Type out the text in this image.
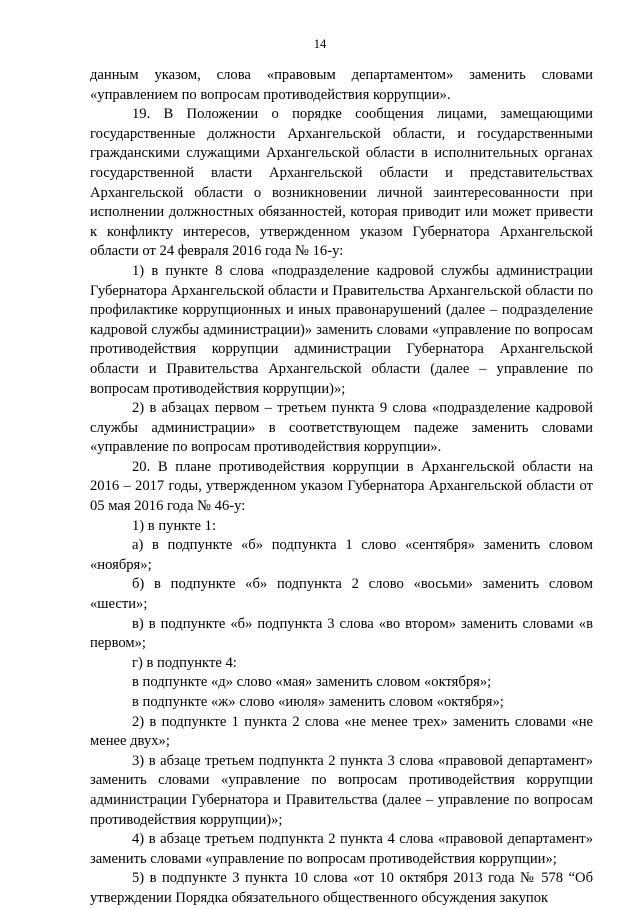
14

данным указом, слова «правовым департаментом» заменить словами «управлением по вопросам противодействия коррупции».

19. В Положении о порядке сообщения лицами, замещающими государственные должности Архангельской области, и государственными гражданскими служащими Архангельской области в исполнительных органах государственной власти Архангельской области и представительствах Архангельской области о возникновении личной заинтересованности при исполнении должностных обязанностей, которая приводит или может привести к конфликту интересов, утвержденном указом Губернатора Архангельской области от 24 февраля 2016 года № 16-у:

1) в пункте 8 слова «подразделение кадровой службы администрации Губернатора Архангельской области и Правительства Архангельской области по профилактике коррупционных и иных правонарушений (далее – подразделение кадровой службы администрации)» заменить словами «управление по вопросам противодействия коррупции администрации Губернатора Архангельской области и Правительства Архангельской области (далее – управление по вопросам противодействия коррупции)»;

2) в абзацах первом – третьем пункта 9 слова «подразделение кадровой службы администрации» в соответствующем падеже заменить словами «управление по вопросам противодействия коррупции».

20. В плане противодействия коррупции в Архангельской области на 2016 – 2017 годы, утвержденном указом Губернатора Архангельской области от 05 мая 2016 года № 46-у:

1) в пункте 1:

а) в подпункте «б» подпункта 1 слово «сентября» заменить словом «ноября»;

б) в подпункте «б» подпункта 2 слово «восьми» заменить словом «шести»;

в) в подпункте «б» подпункта 3 слова «во втором» заменить словами «в первом»;

г) в подпункте 4:

в подпункте «д» слово «мая» заменить словом «октября»;

в подпункте «ж» слово «июля» заменить словом «октября»;

2) в подпункте 1 пункта 2 слова «не менее трех» заменить словами «не менее двух»;

3) в абзаце третьем подпункта 2 пункта 3 слова «правовой департамент» заменить словами «управление по вопросам противодействия коррупции администрации Губернатора и Правительства (далее – управление по вопросам противодействия коррупции)»;

4) в абзаце третьем подпункта 2 пункта 4 слова «правовой департамент» заменить словами «управление по вопросам противодействия коррупции»;

5) в подпункте 3 пункта 10 слова «от 10 октября 2013 года № 578 “Об утверждении Порядка обязательного общественного обсуждения закупок
